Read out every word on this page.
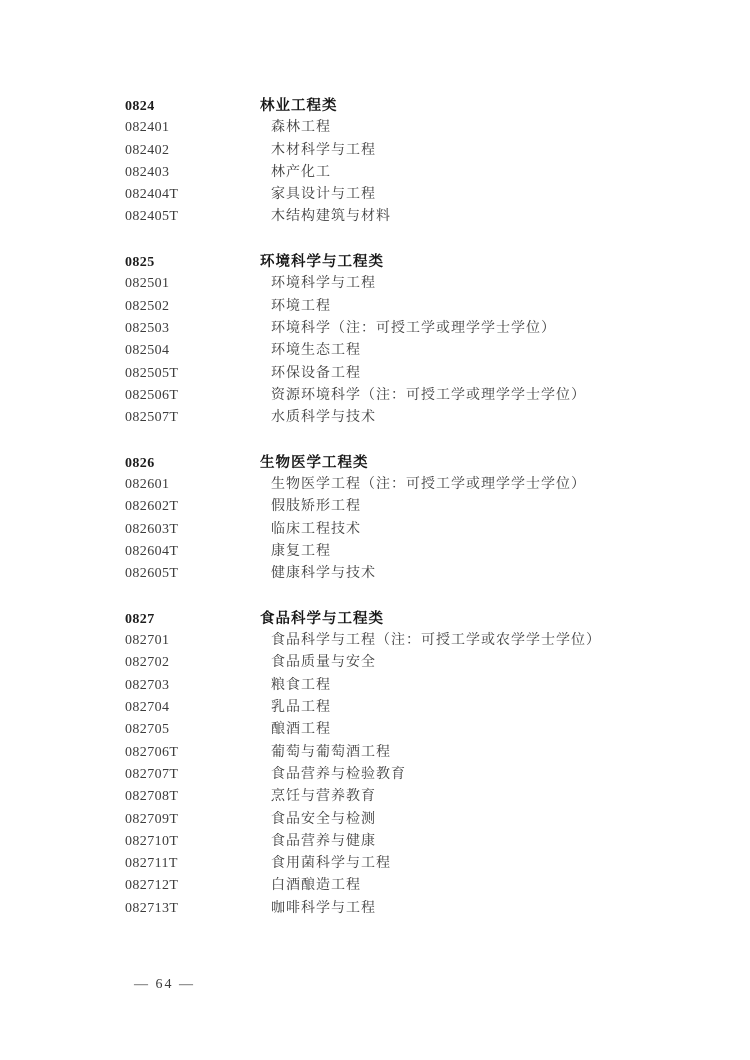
0824	林业工程类
082401	森林工程
082402	木材科学与工程
082403	林产化工
082404T	家具设计与工程
082405T	木结构建筑与材料
0825	环境科学与工程类
082501	环境科学与工程
082502	环境工程
082503	环境科学（注：可授工学或理学学士学位）
082504	环境生态工程
082505T	环保设备工程
082506T	资源环境科学（注：可授工学或理学学士学位）
082507T	水质科学与技术
0826	生物医学工程类
082601	生物医学工程（注：可授工学或理学学士学位）
082602T	假肢矫形工程
082603T	临床工程技术
082604T	康复工程
082605T	健康科学与技术
0827	食品科学与工程类
082701	食品科学与工程（注：可授工学或农学学士学位）
082702	食品质量与安全
082703	粮食工程
082704	乳品工程
082705	酿酒工程
082706T	葡萄与葡萄酒工程
082707T	食品营养与检验教育
082708T	烹饪与营养教育
082709T	食品安全与检测
082710T	食品营养与健康
082711T	食用菌科学与工程
082712T	白酒酿造工程
082713T	咖啡科学与工程
— 64 —
